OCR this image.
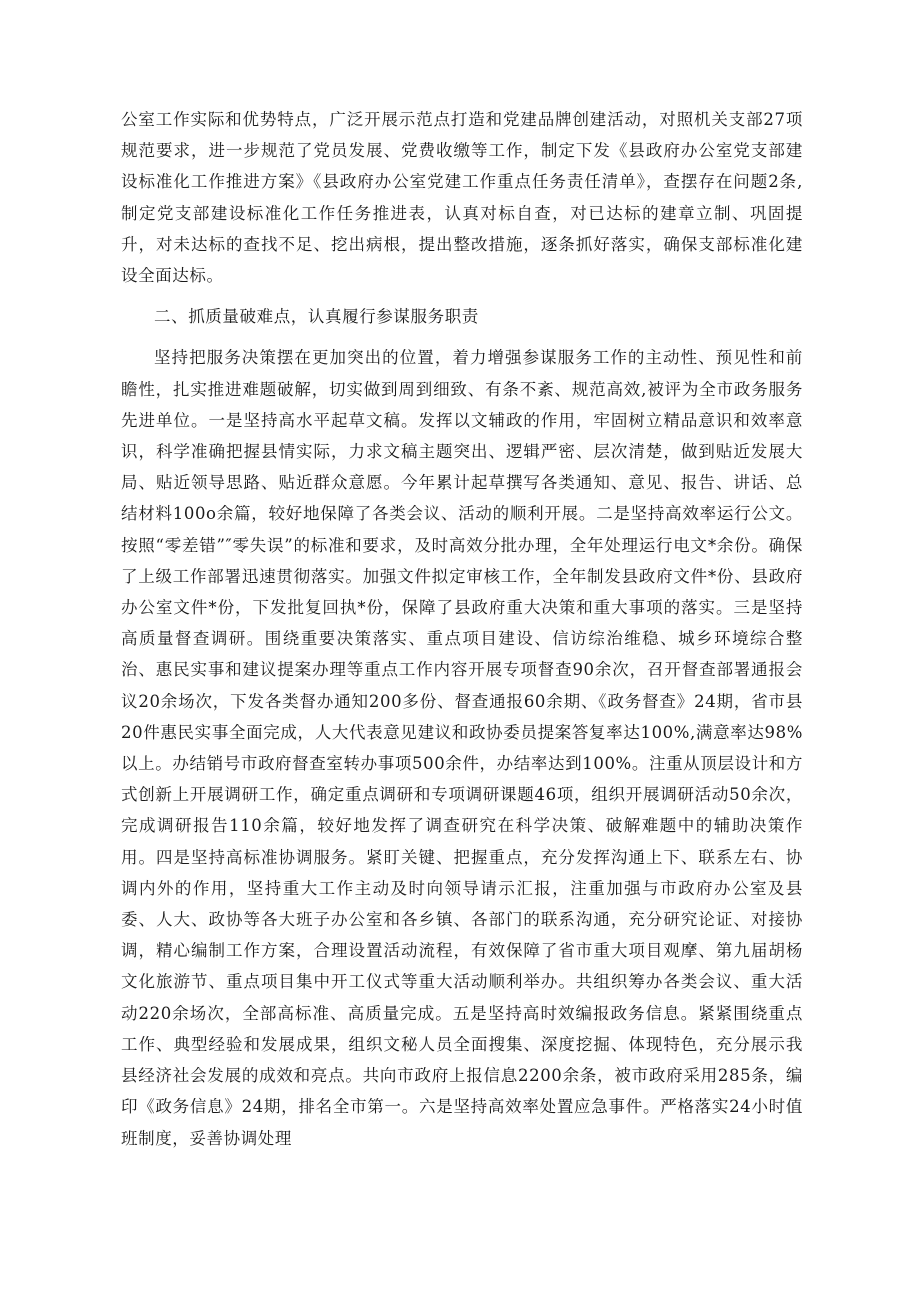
公室工作实际和优势特点，广泛开展示范点打造和党建品牌创建活动，对照机关支部27项规范要求，进一步规范了党员发展、党费收缴等工作，制定下发《县政府办公室党支部建设标准化工作推进方案》《县政府办公室党建工作重点任务责任清单》，查摆存在问题2条,制定党支部建设标准化工作任务推进表，认真对标自查，对已达标的建章立制、巩固提升，对未达标的查找不足、挖出病根，提出整改措施，逐条抓好落实，确保支部标准化建设全面达标。

二、抓质量破难点，认真履行参谋服务职责

坚持把服务决策摆在更加突出的位置，着力增强参谋服务工作的主动性、预见性和前瞻性，扎实推进难题破解，切实做到周到细致、有条不紊、规范高效,被评为全市政务服务先进单位。一是坚持高水平起草文稿。发挥以文辅政的作用，牢固树立精品意识和效率意识，科学准确把握县情实际，力求文稿主题突出、逻辑严密、层次清楚，做到贴近发展大局、贴近领导思路、贴近群众意愿。今年累计起草撰写各类通知、意见、报告、讲话、总结材料100o余篇，较好地保障了各类会议、活动的顺利开展。二是坚持高效率运行公文。按照“零差错”″零失误”的标准和要求，及时高效分批办理，全年处理运行电文*余份。确保了上级工作部署迅速贯彻落实。加强文件拟定审核工作，全年制发县政府文件*份、县政府办公室文件*份，下发批复回执*份，保障了县政府重大决策和重大事项的落实。三是坚持高质量督查调研。围绕重要决策落实、重点项目建设、信访综治维稳、城乡环境综合整治、惠民实事和建议提案办理等重点工作内容开展专项督查90余次，召开督查部署通报会议20余场次，下发各类督办通知200多份、督查通报60余期、《政务督查》24期，省市县20件惠民实事全面完成，人大代表意见建议和政协委员提案答复率达100%,满意率达98%以上。办结销号市政府督查室转办事项500余件，办结率达到100%。注重从顶层设计和方式创新上开展调研工作，确定重点调研和专项调研课题46项，组织开展调研活动50余次，完成调研报告110余篇，较好地发挥了调查研究在科学决策、破解难题中的辅助决策作用。四是坚持高标准协调服务。紧盯关键、把握重点，充分发挥沟通上下、联系左右、协调内外的作用，坚持重大工作主动及时向领导请示汇报，注重加强与市政府办公室及县委、人大、政协等各大班子办公室和各乡镇、各部门的联系沟通，充分研究论证、对接协调，精心编制工作方案，合理设置活动流程，有效保障了省市重大项目观摩、第九届胡杨文化旅游节、重点项目集中开工仪式等重大活动顺利举办。共组织筹办各类会议、重大活动220余场次，全部高标准、高质量完成。五是坚持高时效编报政务信息。紧紧围绕重点工作、典型经验和发展成果，组织文秘人员全面搜集、深度挖掘、体现特色，充分展示我县经济社会发展的成效和亮点。共向市政府上报信息2200余条，被市政府采用285条，编印《政务信息》24期，排名全市第一。六是坚持高效率处置应急事件。严格落实24小时值班制度，妥善协调处理
